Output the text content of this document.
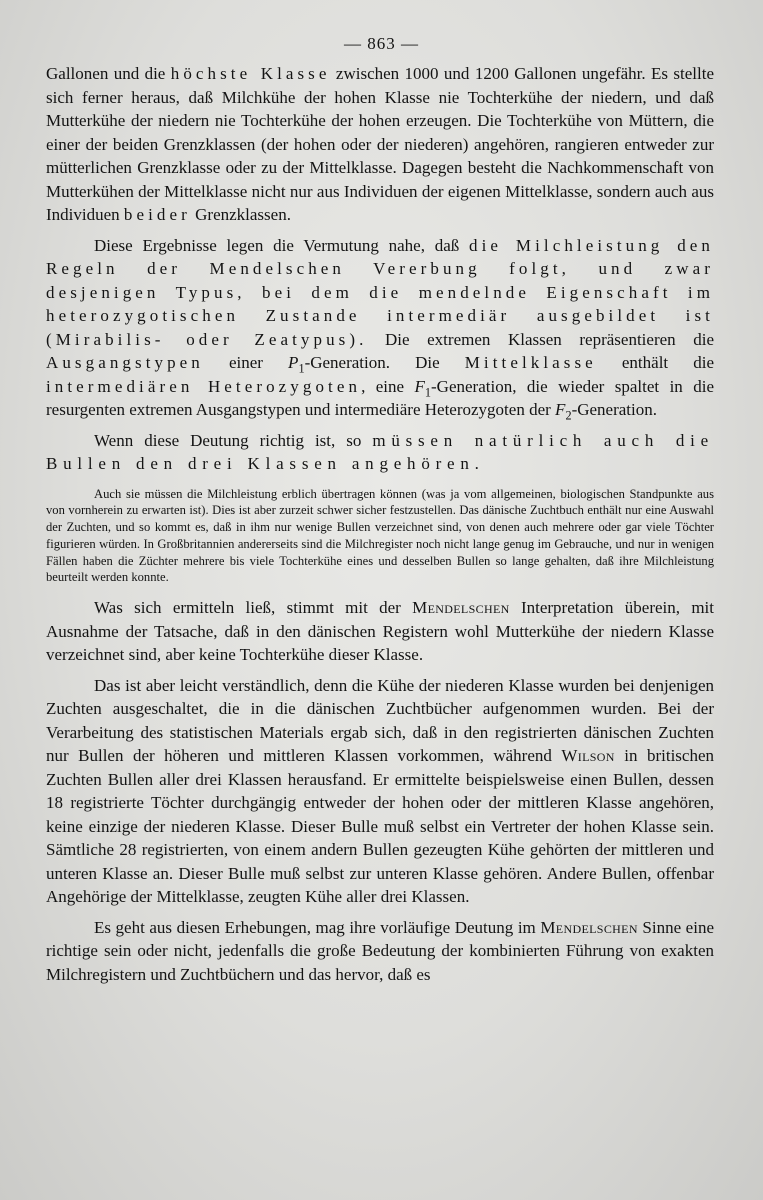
— 863 —

Gallonen und die höchste Klasse zwischen 1000 und 1200 Gallonen ungefähr. Es stellte sich ferner heraus, daß Milchkühe der hohen Klasse nie Tochterkühe der niedern, und daß Mutterkühe der niedern nie Tochterkühe der hohen erzeugen. Die Tochterkühe von Müttern, die einer der beiden Grenzklassen (der hohen oder der niederen) angehören, rangieren entweder zur mütterlichen Grenzklasse oder zu der Mittelklasse. Dagegen besteht die Nachkommenschaft von Mutterkühen der Mittelklasse nicht nur aus Individuen der eigenen Mittelklasse, sondern auch aus Individuen beider Grenzklassen.

Diese Ergebnisse legen die Vermutung nahe, daß die Milchleistung den Regeln der Mendelschen Vererbung folgt, und zwar desjenigen Typus, bei dem die mendelnde Eigenschaft im heterozygotischen Zustande intermediär ausgebildet ist (Mirabilis- oder Zeatypus). Die extremen Klassen repräsentieren die Ausgangstypen einer $P_1$-Generation. Die Mittelklasse enthält die intermediären Heterozygoten, eine $F_1$-Generation, die wieder spaltet in die resurgenten extremen Ausgangstypen und intermediäre Heterozygoten der $F_2$-Generation.

Wenn diese Deutung richtig ist, so müssen natürlich auch die Bullen den drei Klassen angehören.

Auch sie müssen die Milchleistung erblich übertragen können (was ja vom allgemeinen, biologischen Standpunkte aus von vornherein zu erwarten ist). Dies ist aber zurzeit schwer sicher festzustellen. Das dänische Zuchtbuch enthält nur eine Auswahl der Zuchten, und so kommt es, daß in ihm nur wenige Bullen verzeichnet sind, von denen auch mehrere oder gar viele Töchter figurieren würden. In Großbritannien andererseits sind die Milchregister noch nicht lange genug im Gebrauche, und nur in wenigen Fällen haben die Züchter mehrere bis viele Tochterkühe eines und desselben Bullen so lange gehalten, daß ihre Milchleistung beurteilt werden konnte.

Was sich ermitteln ließ, stimmt mit der Mendelschen Interpretation überein, mit Ausnahme der Tatsache, daß in den dänischen Registern wohl Mutterkühe der niedern Klasse verzeichnet sind, aber keine Tochterkühe dieser Klasse.

Das ist aber leicht verständlich, denn die Kühe der niederen Klasse wurden bei denjenigen Zuchten ausgeschaltet, die in die dänischen Zuchtbücher aufgenommen wurden. Bei der Verarbeitung des statistischen Materials ergab sich, daß in den registrierten dänischen Zuchten nur Bullen der höheren und mittleren Klassen vorkommen, während Wilson in britischen Zuchten Bullen aller drei Klassen herausfand. Er ermittelte beispielsweise einen Bullen, dessen 18 registrierte Töchter durchgängig entweder der hohen oder der mittleren Klasse angehören, keine einzige der niederen Klasse. Dieser Bulle muß selbst ein Vertreter der hohen Klasse sein. Sämtliche 28 registrierten, von einem andern Bullen gezeugten Kühe gehörten der mittleren und unteren Klasse an. Dieser Bulle muß selbst zur unteren Klasse gehören. Andere Bullen, offenbar Angehörige der Mittelklasse, zeugten Kühe aller drei Klassen.

Es geht aus diesen Erhebungen, mag ihre vorläufige Deutung im Mendelschen Sinne eine richtige sein oder nicht, jedenfalls die große Bedeutung der kombinierten Führung von exakten Milchregistern und Zuchtbüchern und das hervor, daß es
